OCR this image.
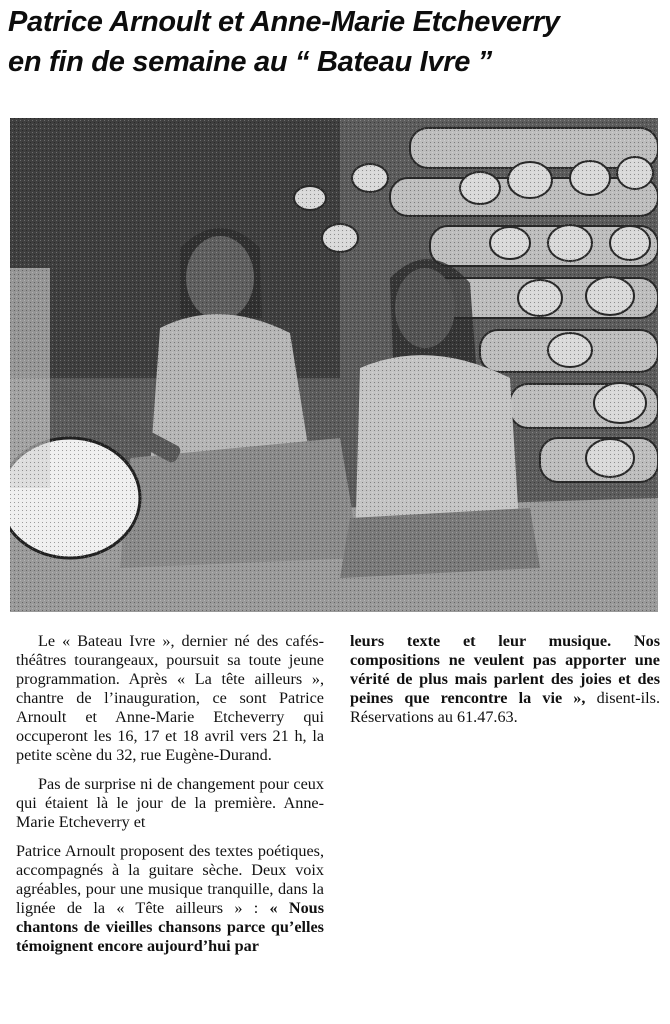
Patrice Arnoult et Anne-Marie Etcheverry
en fin de semaine au “ Bateau Ivre ”

Le « Bateau Ivre », dernier né des cafés-théâtres tourangeaux, poursuit sa toute jeune programmation. Après « La tête ailleurs », chantre de l’inauguration, ce sont Patrice Arnoult et Anne-Marie Etcheverry qui occuperont les 16, 17 et 18 avril vers 21 h, la petite scène du 32, rue Eugène-Durand.

Pas de surprise ni de changement pour ceux qui étaient là le jour de la première. Anne-Marie Etcheverry et

Patrice Arnoult proposent des textes poétiques, accompagnés à la guitare sèche. Deux voix agréables, pour une musique tranquille, dans la lignée de la « Tête ailleurs » : « Nous chantons de vieilles chansons parce qu’elles témoignent encore aujourd’hui par

leurs texte et leur musique. Nos compositions ne veulent pas apporter une vérité de plus mais parlent des joies et des peines que rencontre la vie », disent-ils. Réservations au 61.47.63.
